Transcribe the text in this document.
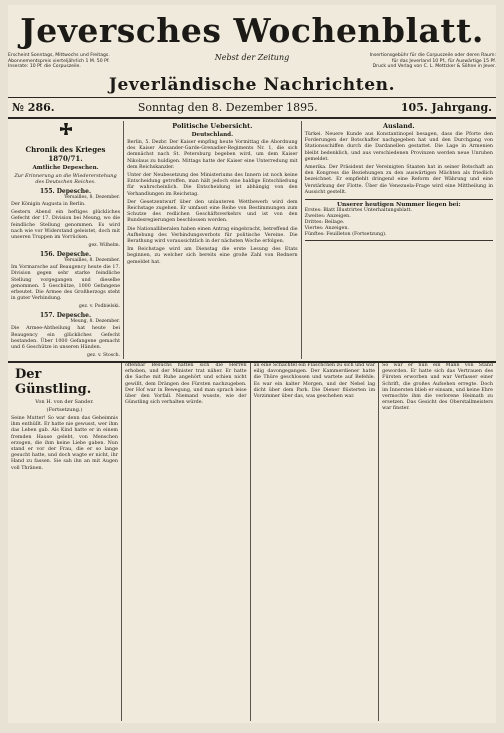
Jeversches Wochenblatt.
Erscheint Sonntags, Mittwochs und Freitags.
Abonnementspreis vierteljährlich 1 M. 50 Pf.
Inserate: 10 Pf. die Corpuszeile.
Nebst der Zeitung	Insertionsgebühr für die Corpuszeile oder deren Raum:
für das Jeverland 10 Pf., für Auswärtige 15 Pf.
Druck und Verlag von C. L. Mettcker & Söhne in Jever.
Jeverländische Nachrichten.
№ 286.	Sonntag den 8. Dezember 1895.	105. Jahrgang.
Chronik des Krieges 1870/71.
Amtliche Depeschen.
Zur Erinnerung an die Wiedererstehung des Deutschen Reiches.
155. Depesche.
Versailles, 8. Dezember.
Der Königin Augusta in Berlin.
Gestern Abend ein heftiges glückliches Gefecht der 17. Division bei Meung, wo die feindliche Stellung genommen. Es wird nach wie vor Widerstand geleistet, doch mit unseren Truppen im Vorrücken.
gez. Wilhelm.
156. Depesche.
Versailles, 8. Dezember.
Im Vormarsche auf Beaugency heute die 17. Division gegen sehr starke feindliche Stellung vorgegangen und dieselbe genommen. 5 Geschütze, 1000 Gefangene erbeutet. Die Armee des Großherzogs steht in guter Verbindung.
gez. v. Podbielski.
157. Depesche.
Meung, 8. Dezember.
Die Armee-Abtheilung hat heute bei Beaugency ein glückliches Gefecht bestanden. Über 1000 Gefangene gemacht und 6 Geschütze in unseren Händen.
gez. v. Stosch.
Politische Uebersicht.
Deutschland.
Berlin, 5. Dezbr. Der Kaiser empfing heute Vormittag die Abordnung des Kaiser Alexander-Garde-Grenadier-Regiments Nr. 1, die sich demnächst nach St. Petersburg begeben wird, um dem Kaiser Nikolaus zu huldigen. Mittags hatte der Kaiser eine Unterredung mit dem Reichskanzler.
Unter der Neubesetzung des Ministeriums des Innern ist noch keine Entscheidung getroffen, man hält jedoch eine baldige Entschließung für wahrscheinlich. Die Entscheidung ist abhängig von den Verhandlungen im Reichstag.
Der Gesetzentwurf über den unlauteren Wettbewerb wird dem Reichstage zugehen. Er umfasst eine Reihe von Bestimmungen zum Schutze des redlichen Geschäftsverkehrs und ist von den Bundesregierungen beschlossen worden.
Die Nationalliberalen haben einen Antrag eingebracht, betreffend die Aufhebung des Verbindungsverbots für politische Vereine. Die Berathung wird voraussichtlich in der nächsten Woche erfolgen.
Im Reichstage wird am Dienstag die erste Lesung des Etats beginnen, zu welcher sich bereits eine große Zahl von Rednern gemeldet hat.
Ausland.
Türkei. Neuere Kunde aus Konstantinopel besagen, dass die Pforte den Forderungen der Botschafter nachgegeben hat und den Durchgang von Stationsschiffen durch die Dardanellen gestattet. Die Lage in Armenien bleibt bedenklich, und aus verschiedenen Provinzen werden neue Unruhen gemeldet.
Amerika. Der Präsident der Vereinigten Staaten hat in seiner Botschaft an den Kongress die Beziehungen zu den auswärtigen Mächten als friedlich bezeichnet. Er empfiehlt dringend eine Reform der Währung und eine Verstärkung der Flotte. Über die Venezuela-Frage wird eine Mittheilung in Aussicht gestellt.
Unserer heutigen Nummer liegen bei:
Erstes: Blatt Illustrirtes Unterhaltungsblatt.
Zweites: Anzeigen.
Drittes: Beilage.
Viertes: Anzeigen.
Fünftes: Feuilleton (Fortsetzung).
Der Günstling.
Von H. von der Sander.
(Fortsetzung.)
Seine Mutter! So war denn das Geheimnis ihm enthüllt. Er hatte nie gewusst, wer ihm das Leben gab. Als Kind hatte er in einem fremden Hause gelebt, von Menschen erzogen, die ihm keine Liebe gaben. Nun stand er vor der Frau, die er so lange gesucht hatte, und doch wagte er nicht, ihr Hand zu fassen. Sie sah ihn an mit Augen voll Thränen.
offenbar Besuchs hatten sich die Herren erhoben, und der Minister trat näher. Er hatte die Sache mit Ruhe angehört und schien nicht gewillt, dem Drängen des Fürsten nachzugeben. Der Hof war in Bewegung, und man sprach leise über den Vorfall. Niemand wusste, wie der Günstling sich verhalten würde.
an eine Schachtel ein Fläschchen zu sich und war eilig davongegangen. Der Kammerdiener hatte die Thüre geschlossen und wartete auf Befehle. Es war ein kalter Morgen, und der Nebel lag dicht über dem Park. Die Diener flüsterten im Vorzimmer über das, was geschehen war.
So war er nun ein Mann von Stand geworden. Er hatte sich das Vertrauen des Fürsten erworben und war Verfasser einer Schrift, die großes Aufsehen erregte. Doch im Innersten blieb er einsam, und keine Ehre vermochte ihm die verlorene Heimath zu ersetzen. Das Gesicht des Oberstallmeisters war finster.
